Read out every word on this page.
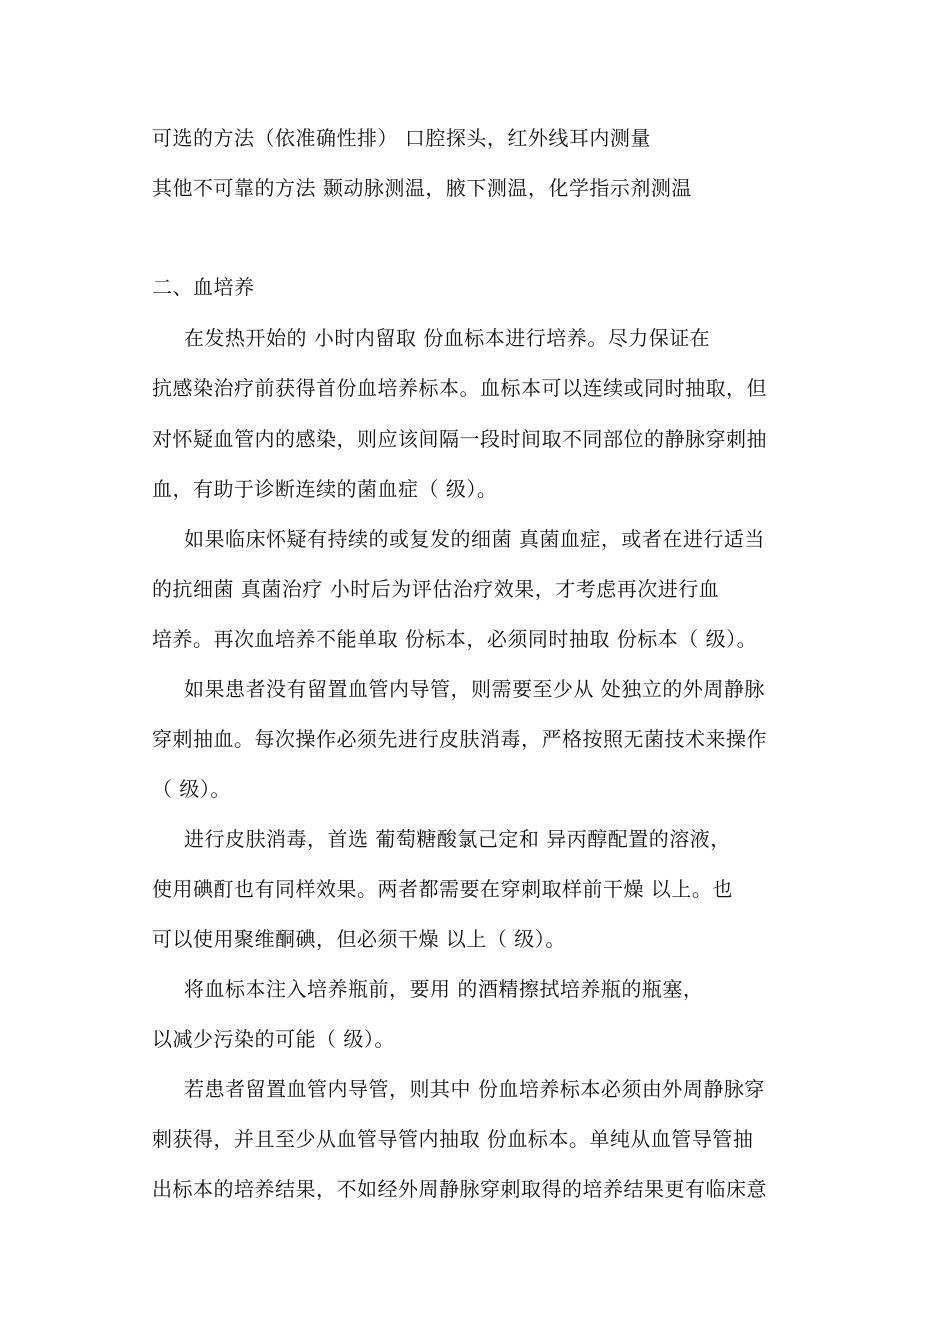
可选的方法（依准确性排） 口腔探头，红外线耳内测量
其他不可靠的方法 颞动脉测温，腋下测温，化学指示剂测温
二、血培养
在发热开始的 小时内留取 份血标本进行培养。尽力保证在
抗感染治疗前获得首份血培养标本。血标本可以连续或同时抽取，但
对怀疑血管内的感染，则应该间隔一段时间取不同部位的静脉穿刺抽
血，有助于诊断连续的菌血症（ 级）。
如果临床怀疑有持续的或复发的细菌 真菌血症，或者在进行适当
的抗细菌 真菌治疗 小时后为评估治疗效果，才考虑再次进行血
培养。再次血培养不能单取 份标本，必须同时抽取 份标本（ 级）。
如果患者没有留置血管内导管，则需要至少从 处独立的外周静脉
穿刺抽血。每次操作必须先进行皮肤消毒，严格按照无菌技术来操作
（ 级）。
进行皮肤消毒，首选 葡萄糖酸氯己定和 异丙醇配置的溶液，
使用碘酊也有同样效果。两者都需要在穿刺取样前干燥 以上。也
可以使用聚维酮碘，但必须干燥 以上（ 级）。
将血标本注入培养瓶前，要用 的酒精擦拭培养瓶的瓶塞，
以减少污染的可能（ 级）。
若患者留置血管内导管，则其中 份血培养标本必须由外周静脉穿
刺获得，并且至少从血管导管内抽取 份血标本。单纯从血管导管抽
出标本的培养结果，不如经外周静脉穿刺取得的培养结果更有临床意
